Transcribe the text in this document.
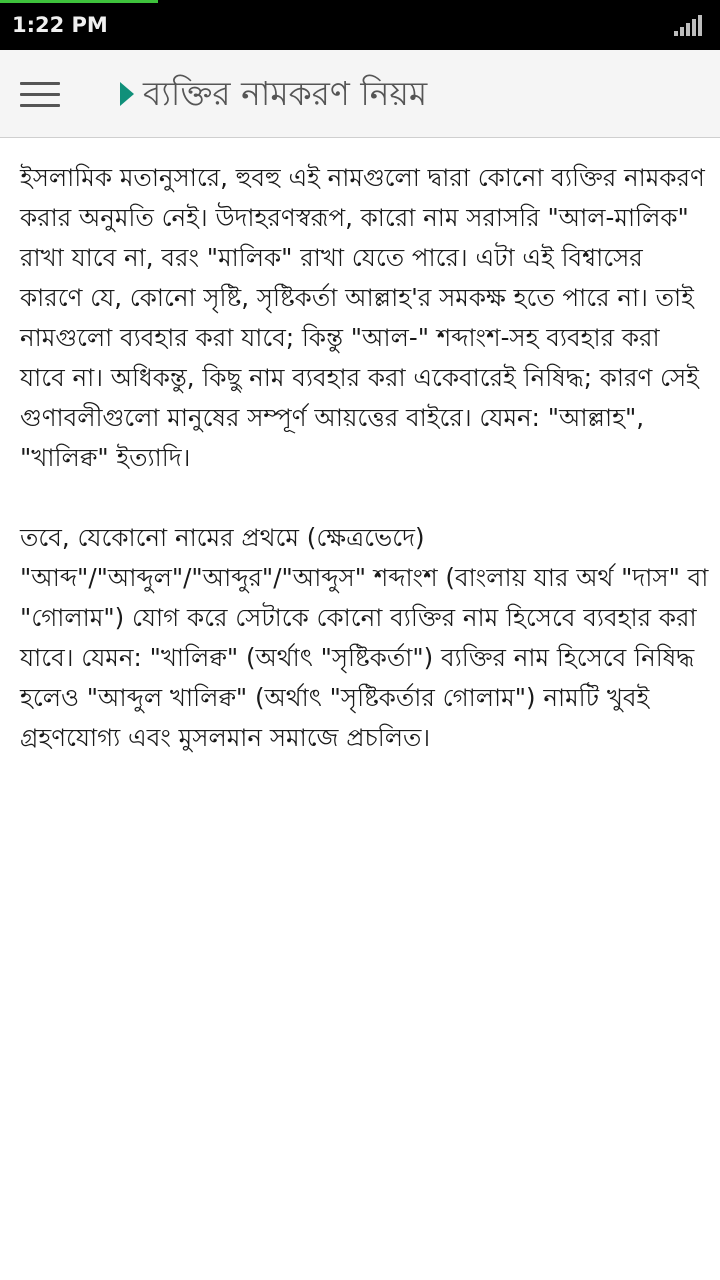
1:22 PM
ব্যক্তির নামকরণ নিয়ম

ইসলামিক মতানুসারে, হুবহু এই নামগুলো দ্বারা কোনো ব্যক্তির নামকরণ করার অনুমতি নেই। উদাহরণস্বরূপ, কারো নাম সরাসরি "আল-মালিক" রাখা যাবে না, বরং "মালিক" রাখা যেতে পারে। এটা এই বিশ্বাসের কারণে যে, কোনো সৃষ্টি, সৃষ্টিকর্তা আল্লাহ'র সমকক্ষ হতে পারে না। তাই নামগুলো ব্যবহার করা যাবে; কিন্তু "আল-" শব্দাংশ-সহ ব্যবহার করা যাবে না। অধিকন্তু, কিছু নাম ব্যবহার করা একেবারেই নিষিদ্ধ; কারণ সেই গুণাবলীগুলো মানুষের সম্পূর্ণ আয়ত্তের বাইরে। যেমন: "আল্লাহ", "খালিক্ব" ইত্যাদি।

তবে, যেকোনো নামের প্রথমে (ক্ষেত্রভেদে) "আব্দ"/"আব্দুল"/"আব্দুর"/"আব্দুস" শব্দাংশ (বাংলায় যার অর্থ "দাস" বা "গোলাম") যোগ করে সেটাকে কোনো ব্যক্তির নাম হিসেবে ব্যবহার করা যাবে। যেমন: "খালিক্ব" (অর্থাৎ "সৃষ্টিকর্তা") ব্যক্তির নাম হিসেবে নিষিদ্ধ হলেও "আব্দুল খালিক্ব" (অর্থাৎ "সৃষ্টিকর্তার গোলাম") নামটি খুবই গ্রহণযোগ্য এবং মুসলমান সমাজে প্রচলিত।
